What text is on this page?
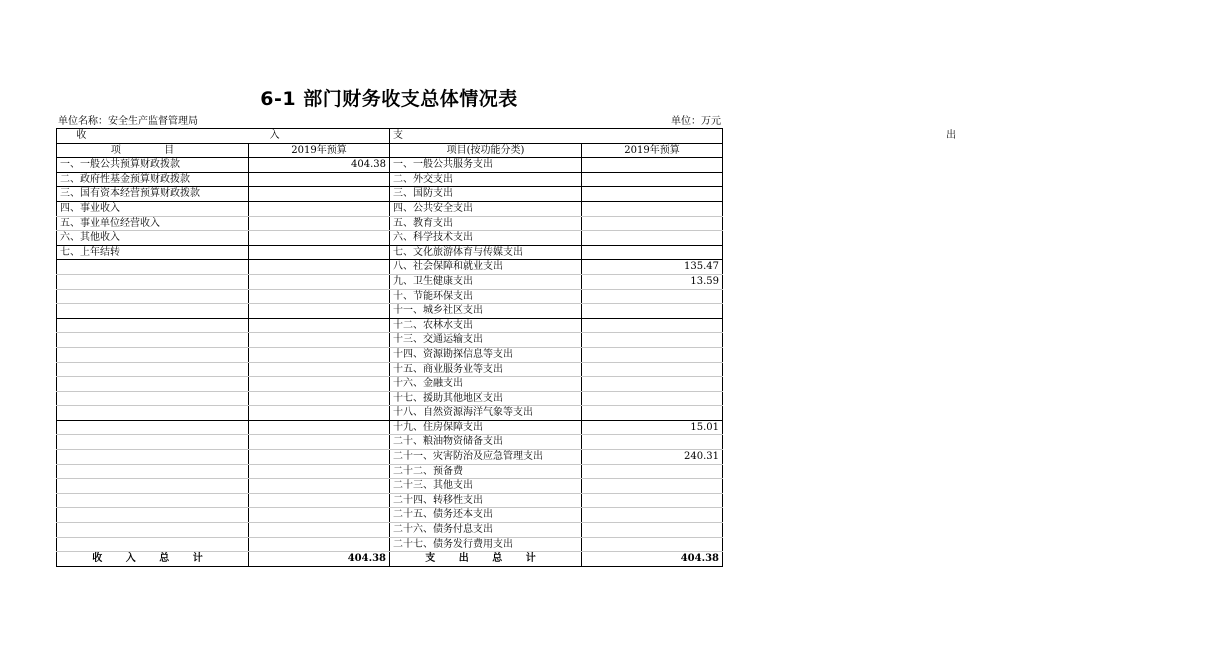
6-1 部门财务收支总体情况表
单位名称：安全生产监督管理局	单位：万元
收 入		支 出	
项 目	2019年预算	项目(按功能分类)	2019年预算
一、一般公共预算财政拨款	404.38	一、一般公共服务支出	
二、政府性基金预算财政拨款		二、外交支出	
三、国有资本经营预算财政拨款		三、国防支出	
四、事业收入		四、公共安全支出	
五、事业单位经营收入		五、教育支出	
六、其他收入		六、科学技术支出	
七、上年结转		七、文化旅游体育与传媒支出	
		八、社会保障和就业支出	135.47
		九、卫生健康支出	13.59
		十、节能环保支出	
		十一、城乡社区支出	
		十二、农林水支出	
		十三、交通运输支出	
		十四、资源勘探信息等支出	
		十五、商业服务业等支出	
		十六、金融支出	
		十七、援助其他地区支出	
		十八、自然资源海洋气象等支出	
		十九、住房保障支出	15.01
		二十、粮油物资储备支出	
		二十一、灾害防治及应急管理支出	240.31
		二十二、预备费	
		二十三、其他支出	
		二十四、转移性支出	
		二十五、债务还本支出	
		二十六、债务付息支出	
		二十七、债务发行费用支出	
收 入 总 计	404.38	支 出 总 计	404.38
